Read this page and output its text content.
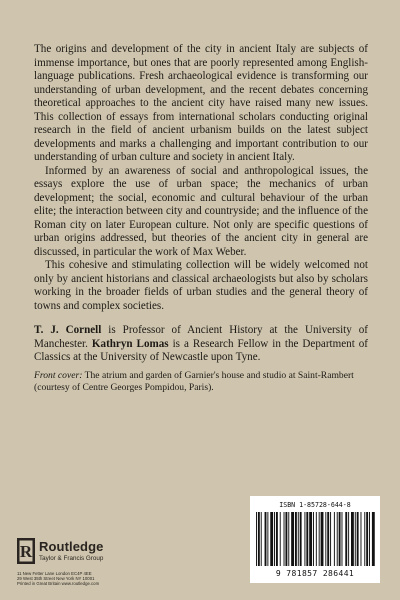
The origins and development of the city in ancient Italy are subjects of immense importance, but ones that are poorly represented among English-language publications. Fresh archaeological evidence is transforming our understanding of urban development, and the recent debates concerning theoretical approaches to the ancient city have raised many new issues. This collection of essays from international scholars conducting original research in the field of ancient urbanism builds on the latest subject developments and marks a challenging and important contribution to our understanding of urban culture and society in ancient Italy.

Informed by an awareness of social and anthropological issues, the essays explore the use of urban space; the mechanics of urban development; the social, economic and cultural behaviour of the urban elite; the interaction between city and countryside; and the influence of the Roman city on later European culture. Not only are specific questions of urban origins addressed, but theories of the ancient city in general are discussed, in particular the work of Max Weber.

This cohesive and stimulating collection will be widely welcomed not only by ancient historians and classical archaeologists but also by scholars working in the broader fields of urban studies and the general theory of towns and complex societies.

T. J. Cornell is Professor of Ancient History at the University of Manchester. Kathryn Lomas is a Research Fellow in the Department of Classics at the University of Newcastle upon Tyne.
Front cover: The atrium and garden of Garnier's house and studio at Saint-Rambert (courtesy of Centre Georges Pompidou, Paris).
R Routledge
Taylor & Francis Group
11 New Fetter Lane London EC4P 4EE
29 West 35th Street New York NY 10001
Printed in Great Britain www.routledge.com
ISBN 1-85728-644-8
9 781857 286441
